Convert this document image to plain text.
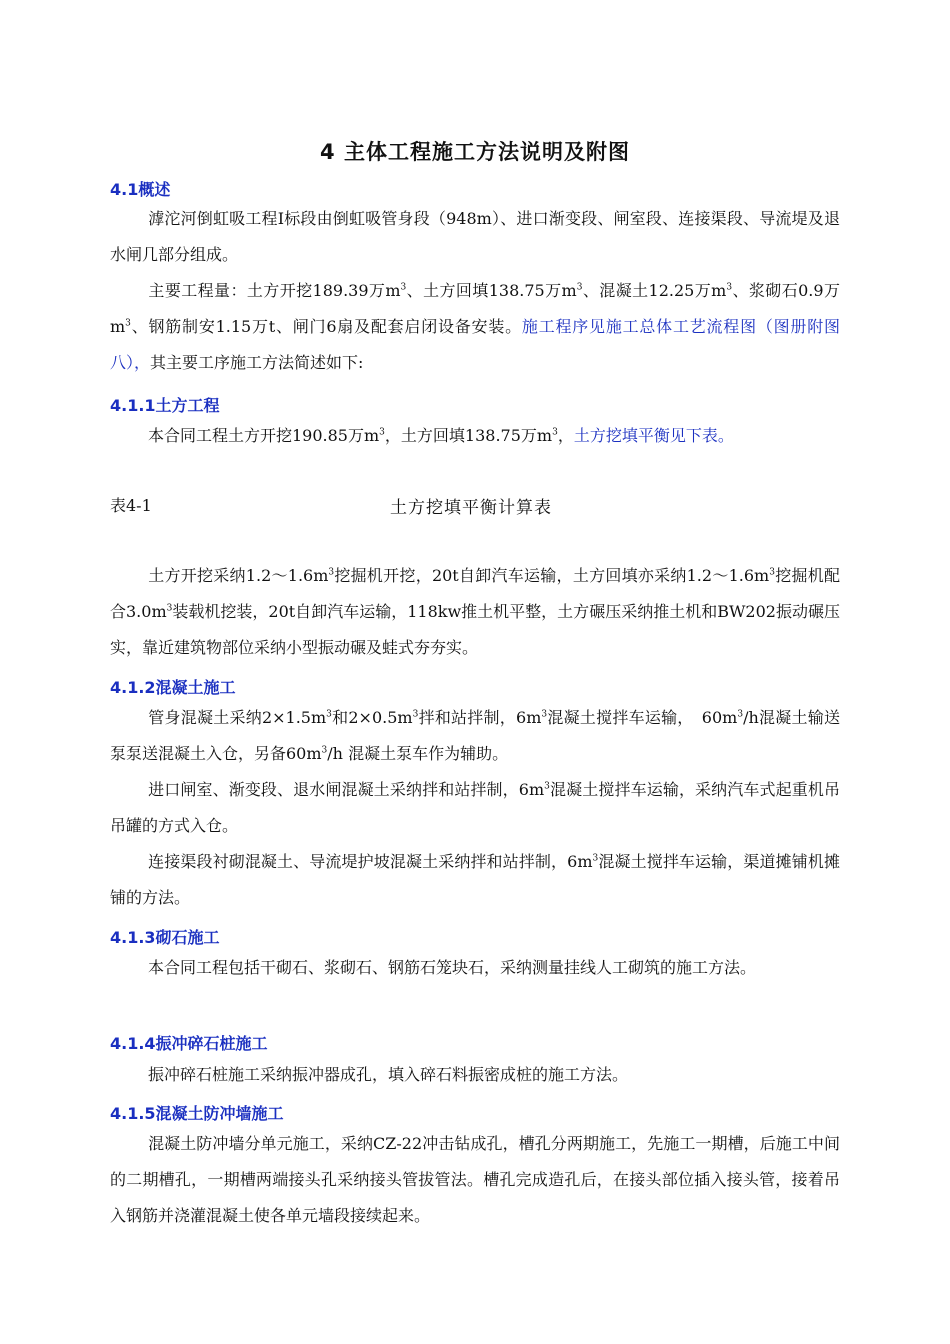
4 主体工程施工方法说明及附图
4.1概述
滹沱河倒虹吸工程Ⅰ标段由倒虹吸管身段（948m）、进口渐变段、闸室段、连接渠段、导流堤及退水闸几部分组成。
主要工程量：土方开挖189.39万$m^3$、土方回填138.75万$m^3$、混凝土12.25万$m^3$、浆砌石0.9万$m^3$、钢筋制安1.15万t、闸门6扇及配套启闭设备安装。施工程序见施工总体工艺流程图（图册附图八），其主要工序施工方法简述如下:
4.1.1土方工程
本合同工程土方开挖190.85万$m^3$，土方回填138.75万$m^3$，土方挖填平衡见下表。
表4-1	土方挖填平衡计算表
土方开挖采纳$1.2\sim 1.6m^3$挖掘机开挖，20t自卸汽车运输，土方回填亦采纳$1.2\sim 1.6m^3$挖掘机配合$3.0m^3$装载机挖装，20t自卸汽车运输，118kw推土机平整，土方碾压采纳推土机和BW202振动碾压实，靠近建筑物部位采纳小型振动碾及蛙式夯夯实。
4.1.2混凝土施工
管身混凝土采纳$2\times 1.5m^3$和$2\times 0.5m^3$拌和站拌制，$6m^3$混凝土搅拌车运输，　$60m^3/h$混凝土输送泵泵送混凝土入仓，另备$60m^3/h$ 混凝土泵车作为辅助。
进口闸室、渐变段、退水闸混凝土采纳拌和站拌制，$6m^3$混凝土搅拌车运输，采纳汽车式起重机吊吊罐的方式入仓。
连接渠段衬砌混凝土、导流堤护坡混凝土采纳拌和站拌制，$6m^3$混凝土搅拌车运输，渠道摊铺机摊铺的方法。
4.1.3砌石施工
本合同工程包括干砌石、浆砌石、钢筋石笼块石，采纳测量挂线人工砌筑的施工方法。
4.1.4振冲碎石桩施工
振冲碎石桩施工采纳振冲器成孔，填入碎石料振密成桩的施工方法。
4.1.5混凝土防冲墙施工
混凝土防冲墙分单元施工，采纳CZ-22冲击钻成孔，槽孔分两期施工，先施工一期槽，后施工中间的二期槽孔，一期槽两端接头孔采纳接头管拔管法。槽孔完成造孔后，在接头部位插入接头管，接着吊入钢筋并浇灌混凝土使各单元墙段接续起来。
